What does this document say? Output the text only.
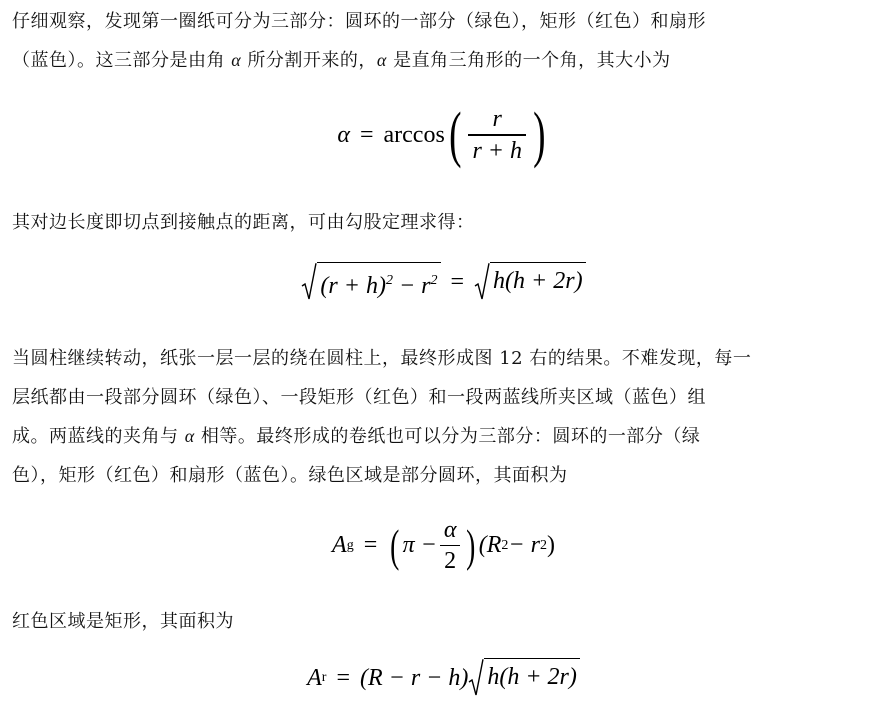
仔细观察，发现第一圈纸可分为三部分：圆环的一部分（绿色），矩形（红色）和扇形
（蓝色）。这三部分是由角 α 所分割开来的，α 是直角三角形的一个角，其大小为
α = arccos ( $\frac{r}{r + h}$ )
其对边长度即切点到接触点的距离，可由勾股定理求得：
$(r + h)^2 - r^2 = h(h + 2r)$
当圆柱继续转动，纸张一层一层的绕在圆柱上，最终形成图 12 右的结果。不难发现，每一
层纸都由一段部分圆环（绿色）、一段矩形（红色）和一段两蓝线所夹区域（蓝色）组
成。两蓝线的夹角与 α 相等。最终形成的卷纸也可以分为三部分：圆环的一部分（绿
色），矩形（红色）和扇形（蓝色）。绿色区域是部分圆环，其面积为
A g = ( $\pi - \frac{\alpha}{2}$ ) (R 2 − r 2 )
红色区域是矩形，其面积为
A r = (R − r − h) h(h + 2r)
